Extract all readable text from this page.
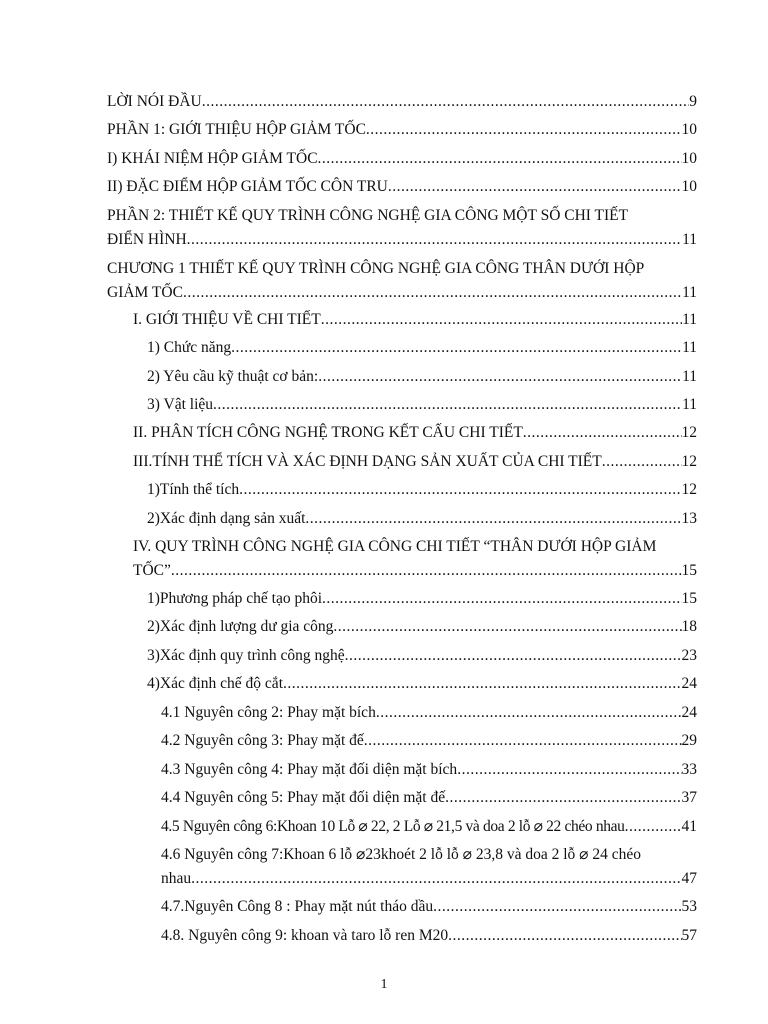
LỜI NÓI ĐẦU .....	9
PHẦN 1: GIỚI THIỆU HỘP GIẢM TỐC .....	10
I) KHÁI NIỆM HỘP GIẢM TỐC .....	10
II) ĐẶC ĐIỂM HỘP GIẢM TỐC CÔN TRU .....	10
PHẦN 2: THIẾT KẾ QUY TRÌNH CÔNG NGHỆ GIA CÔNG MỘT SỐ CHI TIẾT
ĐIỂN HÌNH .....	11
CHƯƠNG 1 THIẾT KẾ QUY TRÌNH CÔNG NGHỆ GIA CÔNG THÂN DƯỚI HỘP
GIẢM TỐC .....	11
I. GIỚI THIỆU VỀ CHI TIẾT .....	11
1) Chức năng .....	11
2) Yêu cầu kỹ thuật cơ bản: .....	11
3) Vật liệu .....	11
II. PHÂN TÍCH CÔNG NGHỆ TRONG KẾT CẤU CHI TIẾT .....	12
III.TÍNH THỂ TÍCH VÀ XÁC ĐỊNH DẠNG SẢN XUẤT CỦA CHI TIẾT .....	12
1)Tính thể tích .....	12
2)Xác định dạng sản xuất .....	13
IV. QUY TRÌNH CÔNG NGHỆ GIA CÔNG CHI TIẾT “THÂN DƯỚI HỘP GIẢM
TỐC” .....	15
1)Phương pháp chế tạo phôi .....	15
2)Xác định lượng dư gia công .....	18
3)Xác định quy trình công nghệ .....	23
4)Xác định chế độ cắt .....	24
4.1 Nguyên công 2: Phay mặt bích .....	24
4.2 Nguyên công 3: Phay mặt đế .....	29
4.3 Nguyên công 4: Phay mặt đối diện mặt bích .....	33
4.4 Nguyên công 5: Phay mặt đối diện mặt đế .....	37
4.5 Nguyên công 6:Khoan 10 Lỗ ⌀ 22, 2 Lỗ ⌀ 21,5 và doa 2 lỗ ⌀ 22 chéo nhau .....	41
4.6 Nguyên công 7:Khoan 6 lỗ ⌀23khoét 2 lỗ lỗ ⌀ 23,8 và doa 2 lỗ ⌀ 24 chéo
nhau .....	47
4.7.Nguyên Công 8 : Phay mặt nút tháo dầu .....	53
4.8. Nguyên công 9: khoan và taro lỗ ren M20 .....	57
1
